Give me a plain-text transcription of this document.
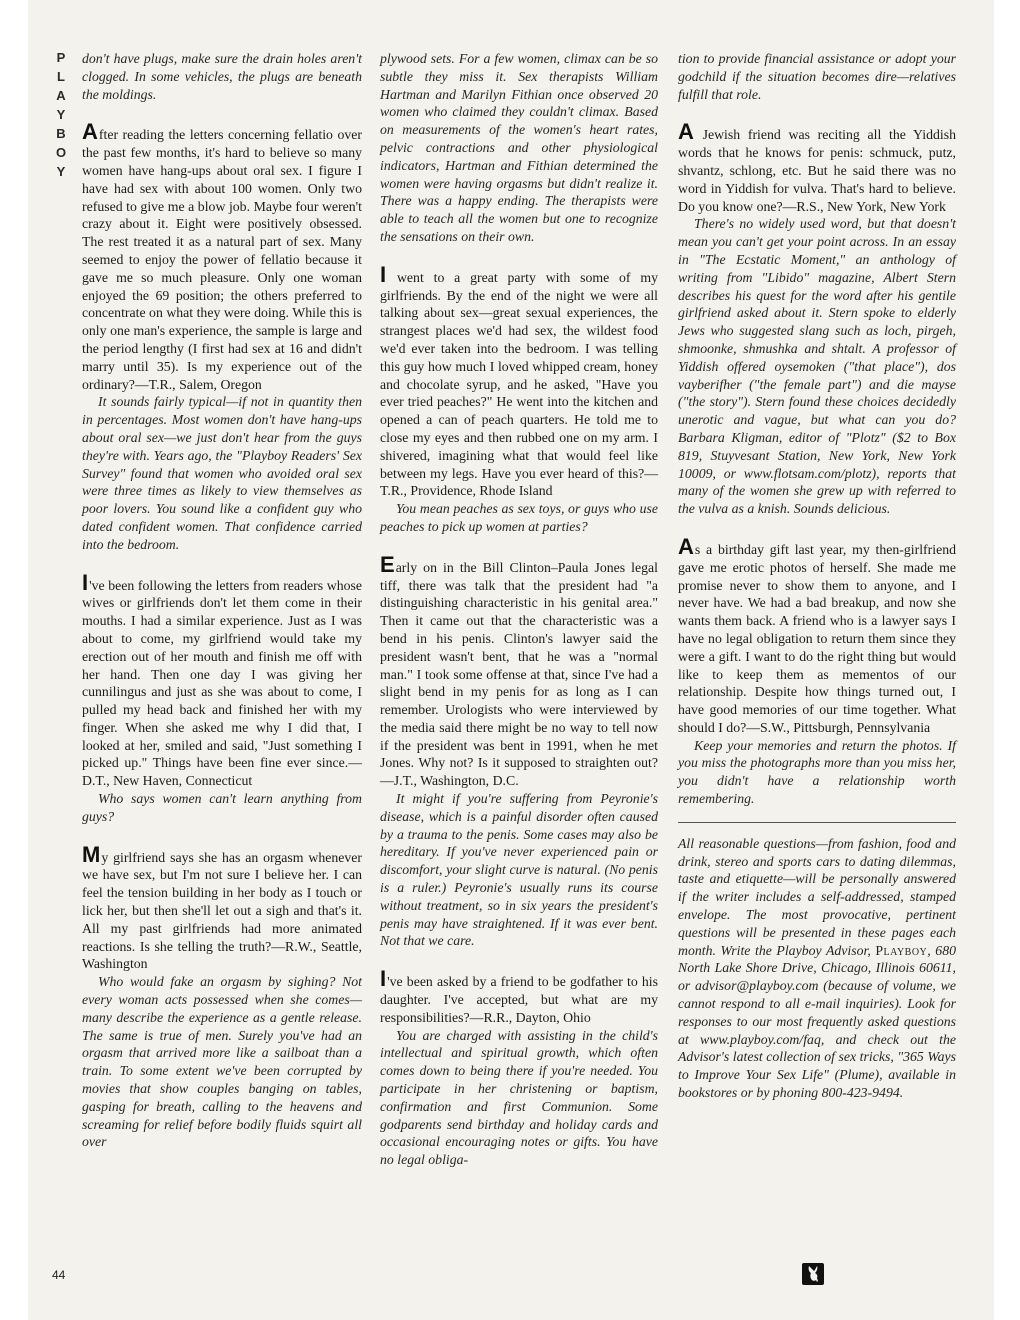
P
L
A
Y
B
O
Y

don't have plugs, make sure the drain holes aren't clogged. In some vehicles, the plugs are beneath the moldings.

After reading the letters concerning fellatio over the past few months, it's hard to believe so many women have hang-ups about oral sex. I figure I have had sex with about 100 women. Only two refused to give me a blow job. Maybe four weren't crazy about it. Eight were positively obsessed. The rest treated it as a natural part of sex. Many seemed to enjoy the power of fellatio because it gave me so much pleasure. Only one woman enjoyed the 69 position; the others preferred to concentrate on what they were doing. While this is only one man's experience, the sample is large and the period lengthy (I first had sex at 16 and didn't marry until 35). Is my experience out of the ordinary?—T.R., Salem, Oregon

It sounds fairly typical—if not in quantity then in percentages. Most women don't have hang-ups about oral sex—we just don't hear from the guys they're with. Years ago, the "Playboy Readers' Sex Survey" found that women who avoided oral sex were three times as likely to view themselves as poor lovers. You sound like a confident guy who dated confident women. That confidence carried into the bedroom.

I've been following the letters from readers whose wives or girlfriends don't let them come in their mouths. I had a similar experience. Just as I was about to come, my girlfriend would take my erection out of her mouth and finish me off with her hand. Then one day I was giving her cunnilingus and just as she was about to come, I pulled my head back and finished her with my finger. When she asked me why I did that, I looked at her, smiled and said, "Just something I picked up." Things have been fine ever since.—D.T., New Haven, Connecticut

Who says women can't learn anything from guys?

My girlfriend says she has an orgasm whenever we have sex, but I'm not sure I believe her. I can feel the tension building in her body as I touch or lick her, but then she'll let out a sigh and that's it. All my past girlfriends had more animated reactions. Is she telling the truth?—R.W., Seattle, Washington

Who would fake an orgasm by sighing? Not every woman acts possessed when she comes—many describe the experience as a gentle release. The same is true of men. Surely you've had an orgasm that arrived more like a sailboat than a train. To some extent we've been corrupted by movies that show couples banging on tables, gasping for breath, calling to the heavens and screaming for relief before bodily fluids squirt all over

plywood sets. For a few women, climax can be so subtle they miss it. Sex therapists William Hartman and Marilyn Fithian once observed 20 women who claimed they couldn't climax. Based on measurements of the women's heart rates, pelvic contractions and other physiological indicators, Hartman and Fithian determined the women were having orgasms but didn't realize it. There was a happy ending. The therapists were able to teach all the women but one to recognize the sensations on their own.

I went to a great party with some of my girlfriends. By the end of the night we were all talking about sex—great sexual experiences, the strangest places we'd had sex, the wildest food we'd ever taken into the bedroom. I was telling this guy how much I loved whipped cream, honey and chocolate syrup, and he asked, "Have you ever tried peaches?" He went into the kitchen and opened a can of peach quarters. He told me to close my eyes and then rubbed one on my arm. I shivered, imagining what that would feel like between my legs. Have you ever heard of this?—T.R., Providence, Rhode Island

You mean peaches as sex toys, or guys who use peaches to pick up women at parties?

Early on in the Bill Clinton–Paula Jones legal tiff, there was talk that the president had "a distinguishing characteristic in his genital area." Then it came out that the characteristic was a bend in his penis. Clinton's lawyer said the president wasn't bent, that he was a "normal man." I took some offense at that, since I've had a slight bend in my penis for as long as I can remember. Urologists who were interviewed by the media said there might be no way to tell now if the president was bent in 1991, when he met Jones. Why not? Is it supposed to straighten out?—J.T., Washington, D.C.

It might if you're suffering from Peyronie's disease, which is a painful disorder often caused by a trauma to the penis. Some cases may also be hereditary. If you've never experienced pain or discomfort, your slight curve is natural. (No penis is a ruler.) Peyronie's usually runs its course without treatment, so in six years the president's penis may have straightened. If it was ever bent. Not that we care.

I've been asked by a friend to be godfather to his daughter. I've accepted, but what are my responsibilities?—R.R., Dayton, Ohio

You are charged with assisting in the child's intellectual and spiritual growth, which often comes down to being there if you're needed. You participate in her christening or baptism, confirmation and first Communion. Some godparents send birthday and holiday cards and occasional encouraging notes or gifts. You have no legal obliga-

tion to provide financial assistance or adopt your godchild if the situation becomes dire—relatives fulfill that role.

A Jewish friend was reciting all the Yiddish words that he knows for penis: schmuck, putz, shvantz, schlong, etc. But he said there was no word in Yiddish for vulva. That's hard to believe. Do you know one?—R.S., New York, New York

There's no widely used word, but that doesn't mean you can't get your point across. In an essay in "The Ecstatic Moment," an anthology of writing from "Libido" magazine, Albert Stern describes his quest for the word after his gentile girlfriend asked about it. Stern spoke to elderly Jews who suggested slang such as loch, pirgeh, shmoonke, shmushka and shtalt. A professor of Yiddish offered oysemoken ("that place"), dos vayberifher ("the female part") and die mayse ("the story"). Stern found these choices decidedly unerotic and vague, but what can you do? Barbara Kligman, editor of "Plotz" ($2 to Box 819, Stuyvesant Station, New York, New York 10009, or www.flotsam.com/plotz), reports that many of the women she grew up with referred to the vulva as a knish. Sounds delicious.

As a birthday gift last year, my then-girlfriend gave me erotic photos of herself. She made me promise never to show them to anyone, and I never have. We had a bad breakup, and now she wants them back. A friend who is a lawyer says I have no legal obligation to return them since they were a gift. I want to do the right thing but would like to keep them as mementos of our relationship. Despite how things turned out, I have good memories of our time together. What should I do?—S.W., Pittsburgh, Pennsylvania

Keep your memories and return the photos. If you miss the photographs more than you miss her, you didn't have a relationship worth remembering.

All reasonable questions—from fashion, food and drink, stereo and sports cars to dating dilemmas, taste and etiquette—will be personally answered if the writer includes a self-addressed, stamped envelope. The most provocative, pertinent questions will be presented in these pages each month. Write the Playboy Advisor, Playboy, 680 North Lake Shore Drive, Chicago, Illinois 60611, or advisor@playboy.com (because of volume, we cannot respond to all e-mail inquiries). Look for responses to our most frequently asked questions at www.playboy.com/faq, and check out the Advisor's latest collection of sex tricks, "365 Ways to Improve Your Sex Life" (Plume), available in bookstores or by phoning 800-423-9494.

44
